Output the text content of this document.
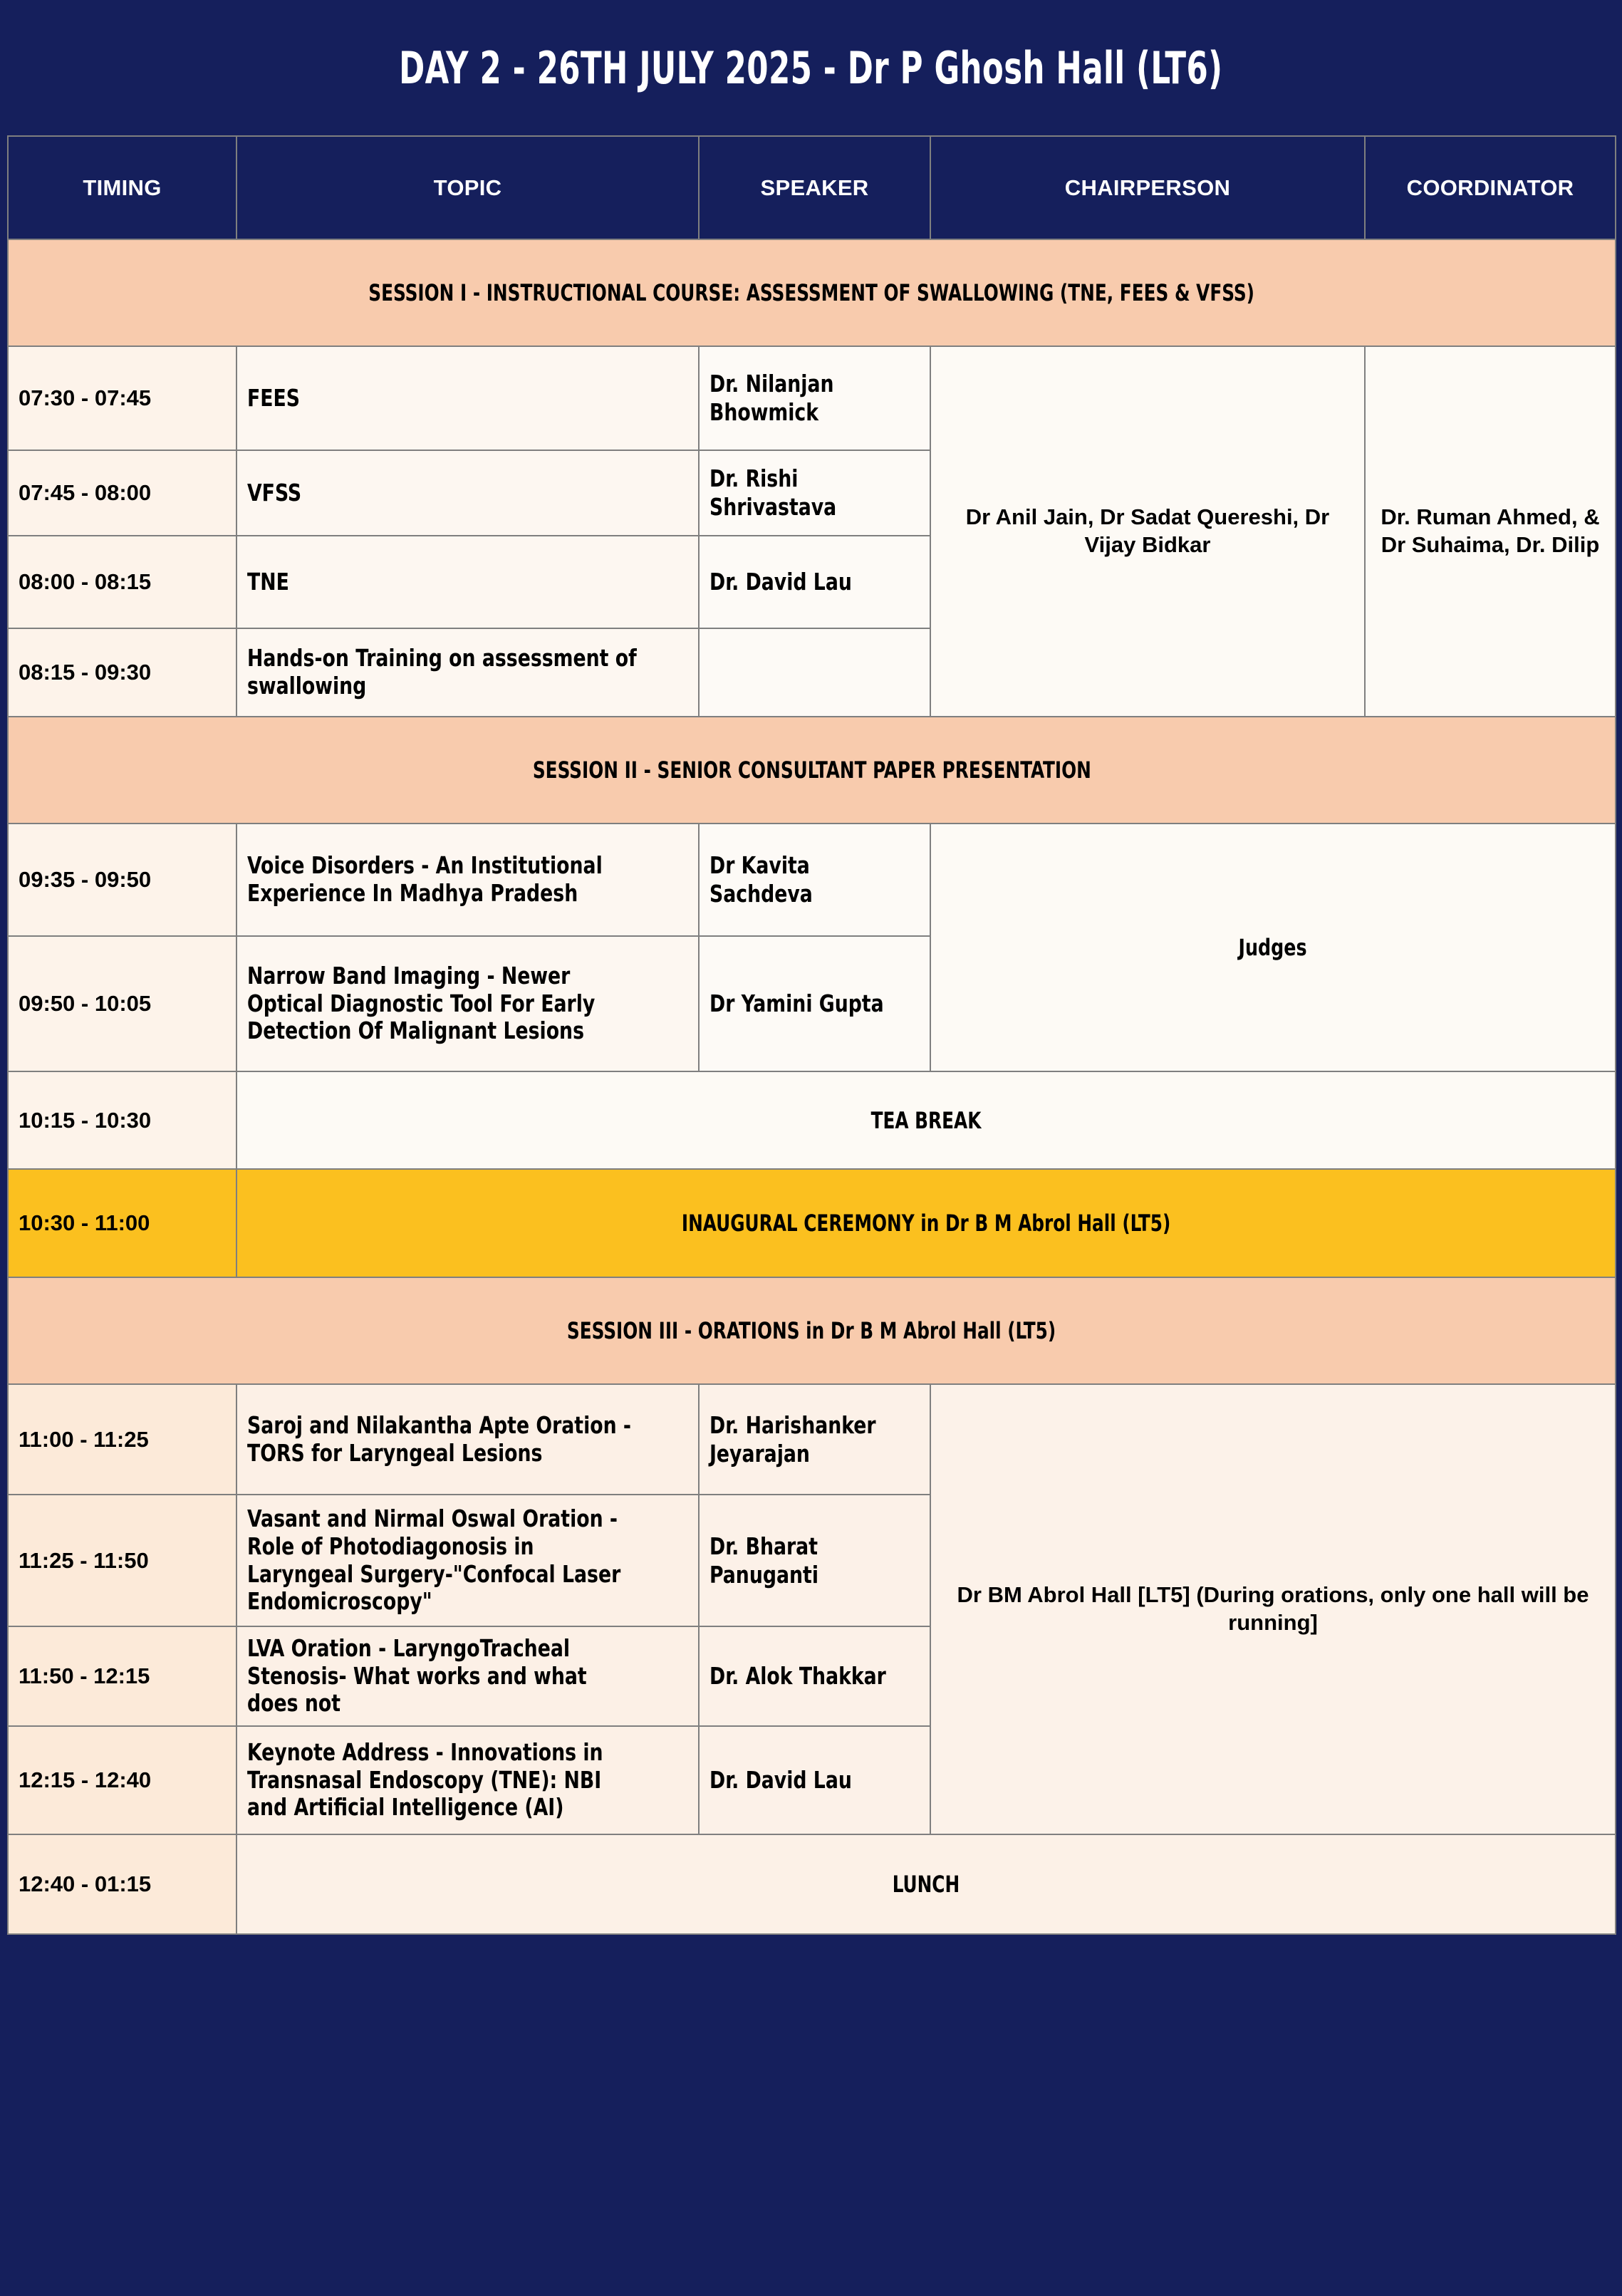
DAY 2 - 26TH JULY 2025 - Dr P Ghosh Hall (LT6)
TIMING	TOPIC	SPEAKER	CHAIRPERSON	COORDINATOR
SESSION I - INSTRUCTIONAL COURSE: ASSESSMENT OF SWALLOWING (TNE, FEES & VFSS)				
07:30 - 07:45	FEES	Dr. Nilanjan Bhowmick	Dr Anil Jain, Dr Sadat Quereshi, Dr Vijay Bidkar	Dr. Ruman Ahmed, & Dr Suhaima, Dr. Dilip
07:45 - 08:00	VFSS	Dr. Rishi Shrivastava		

08:00 - 08:15	TNE	Dr. David Lau		

08:15 - 09:30	Hands-on Training on assessment of swallowing			

SESSION II - SENIOR CONSULTANT PAPER PRESENTATION				
09:35 - 09:50	Voice Disorders - An Institutional Experience In Madhya Pradesh	Dr Kavita Sachdeva	Judges	
09:50 - 10:05	Narrow Band Imaging - Newer Optical Diagnostic Tool For Early Detection Of Malignant Lesions	Dr Yamini Gupta		

10:15 - 10:30	TEA BREAK			
10:30 - 11:00	INAUGURAL CEREMONY in Dr B M Abrol Hall (LT5)			
SESSION III - ORATIONS in Dr B M Abrol Hall (LT5)				
11:00 - 11:25	Saroj and Nilakantha Apte Oration - TORS for Laryngeal Lesions	Dr. Harishanker Jeyarajan	Dr BM Abrol Hall [LT5] (During orations, only one hall will be running]	
11:25 - 11:50	Vasant and Nirmal Oswal Oration - Role of Photodiagonosis in Laryngeal Surgery-"Confocal Laser Endomicroscopy"	Dr. Bharat Panuganti		

11:50 - 12:15	LVA Oration - LaryngoTracheal Stenosis- What works and what does not	Dr. Alok Thakkar		

12:15 - 12:40	Keynote Address - Innovations in Transnasal Endoscopy (TNE): NBI and Artificial Intelligence (AI)	Dr. David Lau		

12:40 - 01:15	LUNCH			
